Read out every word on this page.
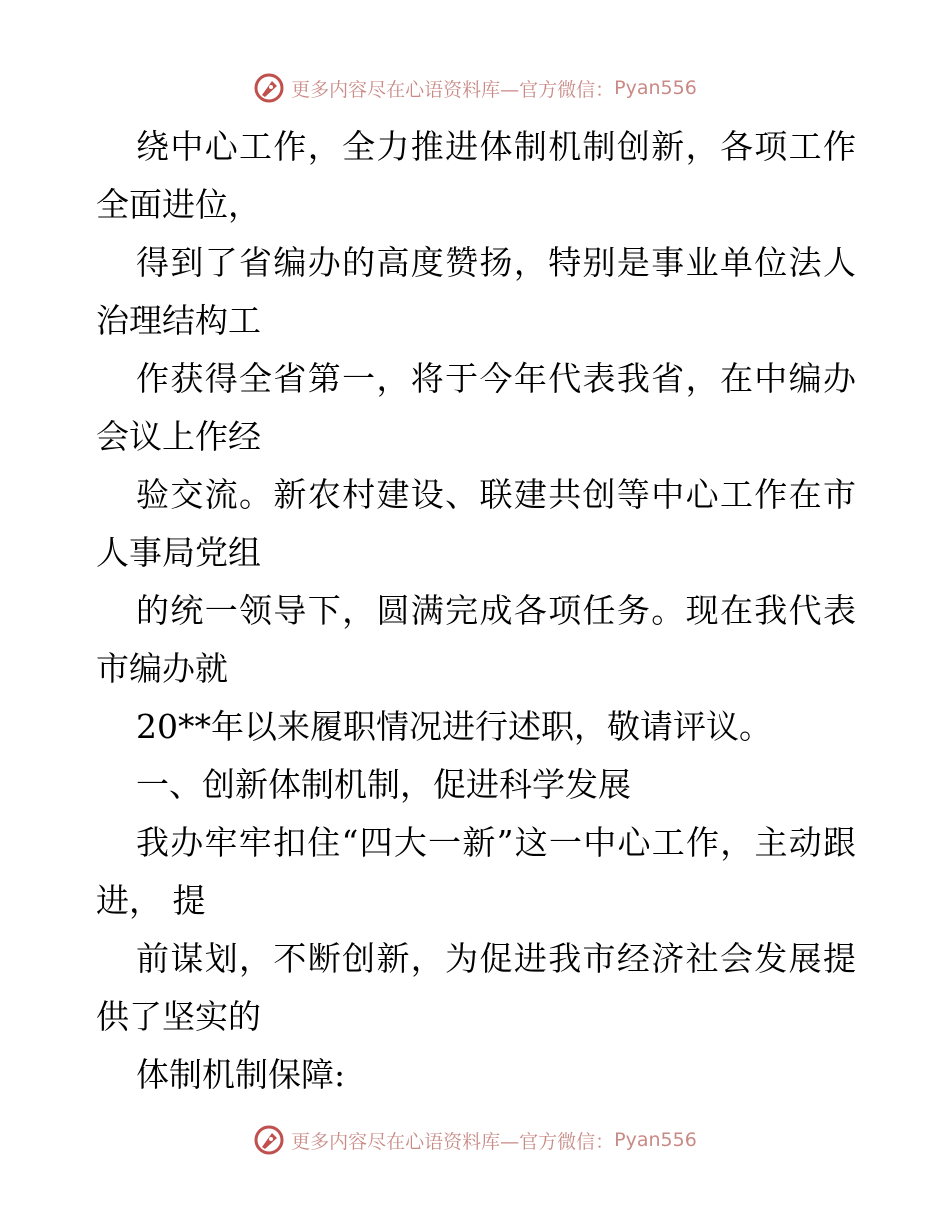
更多内容尽在心语资料库—官方微信： Pyan556

绕中心工作，全力推进体制机制创新，各项工作全面进位，

得到了省编办的高度赞扬，特别是事业单位法人治理结构工

作获得全省第一，将于今年代表我省，在中编办会议上作经

验交流。新农村建设、联建共创等中心工作在市人事局党组

的统一领导下，圆满完成各项任务。现在我代表市编办就

20**年以来履职情况进行述职，敬请评议。

一、创新体制机制，促进科学发展

我办牢牢扣住“四大一新”这一中心工作，主动跟进， 提

前谋划，不断创新，为促进我市经济社会发展提供了坚实的

体制机制保障:

更多内容尽在心语资料库—官方微信： Pyan556
